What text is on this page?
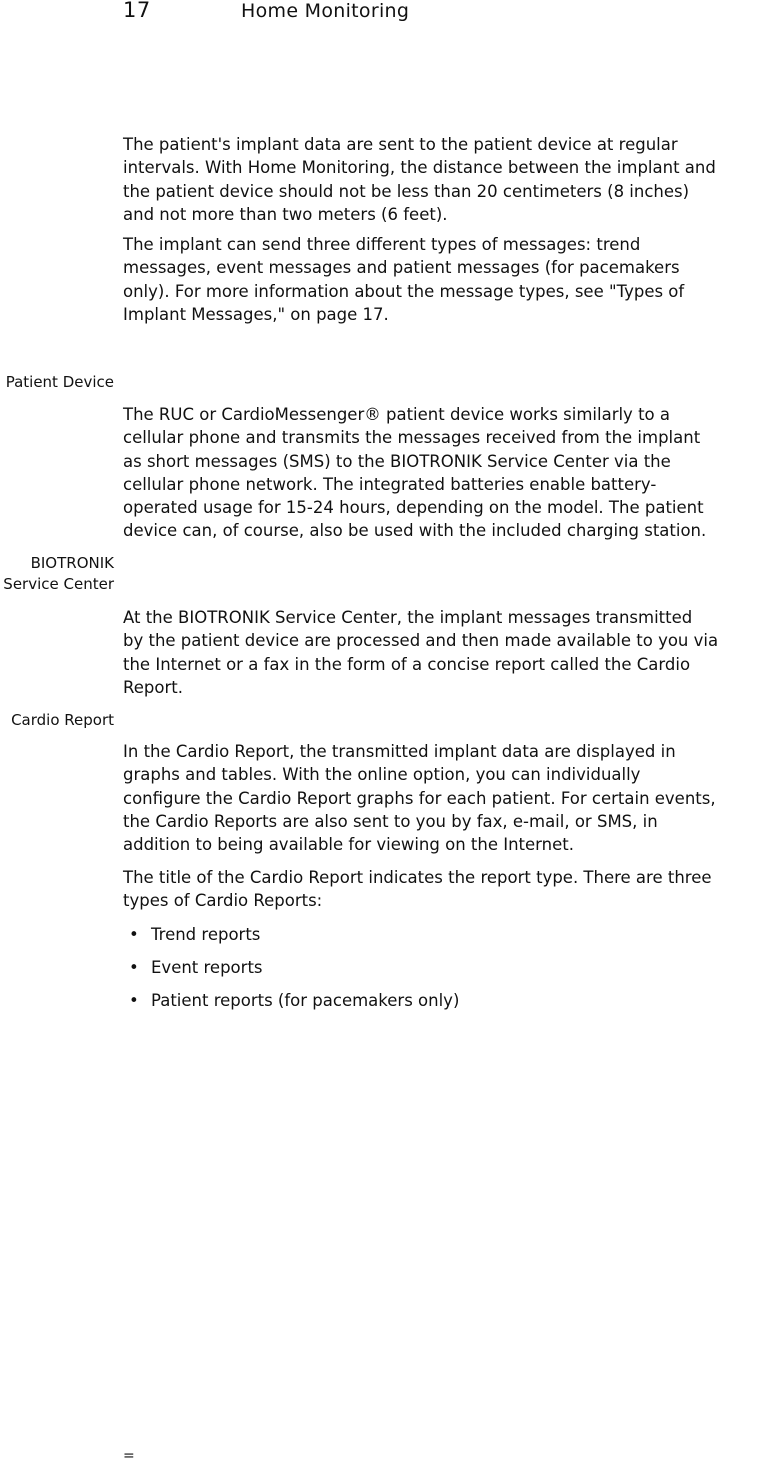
17	Home Monitoring

The patient's implant data are sent to the patient device at regular
intervals. With Home Monitoring, the distance between the implant and
the patient device should not be less than 20 centimeters (8 inches)
and not more than two meters (6 feet).

The implant can send three different types of messages: trend
messages, event messages and patient messages (for pacemakers
only). For more information about the message types, see "Types of
Implant Messages," on page 17.

Patient Device

The RUC or CardioMessenger® patient device works similarly to a
cellular phone and transmits the messages received from the implant
as short messages (SMS) to the BIOTRONIK Service Center via the
cellular phone network. The integrated batteries enable battery-
operated usage for 15-24 hours, depending on the model. The patient
device can, of course, also be used with the included charging station.

BIOTRONIK
Service Center

At the BIOTRONIK Service Center, the implant messages transmitted
by the patient device are processed and then made available to you via
the Internet or a fax in the form of a concise report called the Cardio
Report.

Cardio Report

In the Cardio Report, the transmitted implant data are displayed in
graphs and tables. With the online option, you can individually
configure the Cardio Report graphs for each patient. For certain events,
the Cardio Reports are also sent to you by fax, e-mail, or SMS, in
addition to being available for viewing on the Internet.

The title of the Cardio Report indicates the report type. There are three
types of Cardio Reports:

• Trend reports
• Event reports
• Patient reports (for pacemakers only)
=
